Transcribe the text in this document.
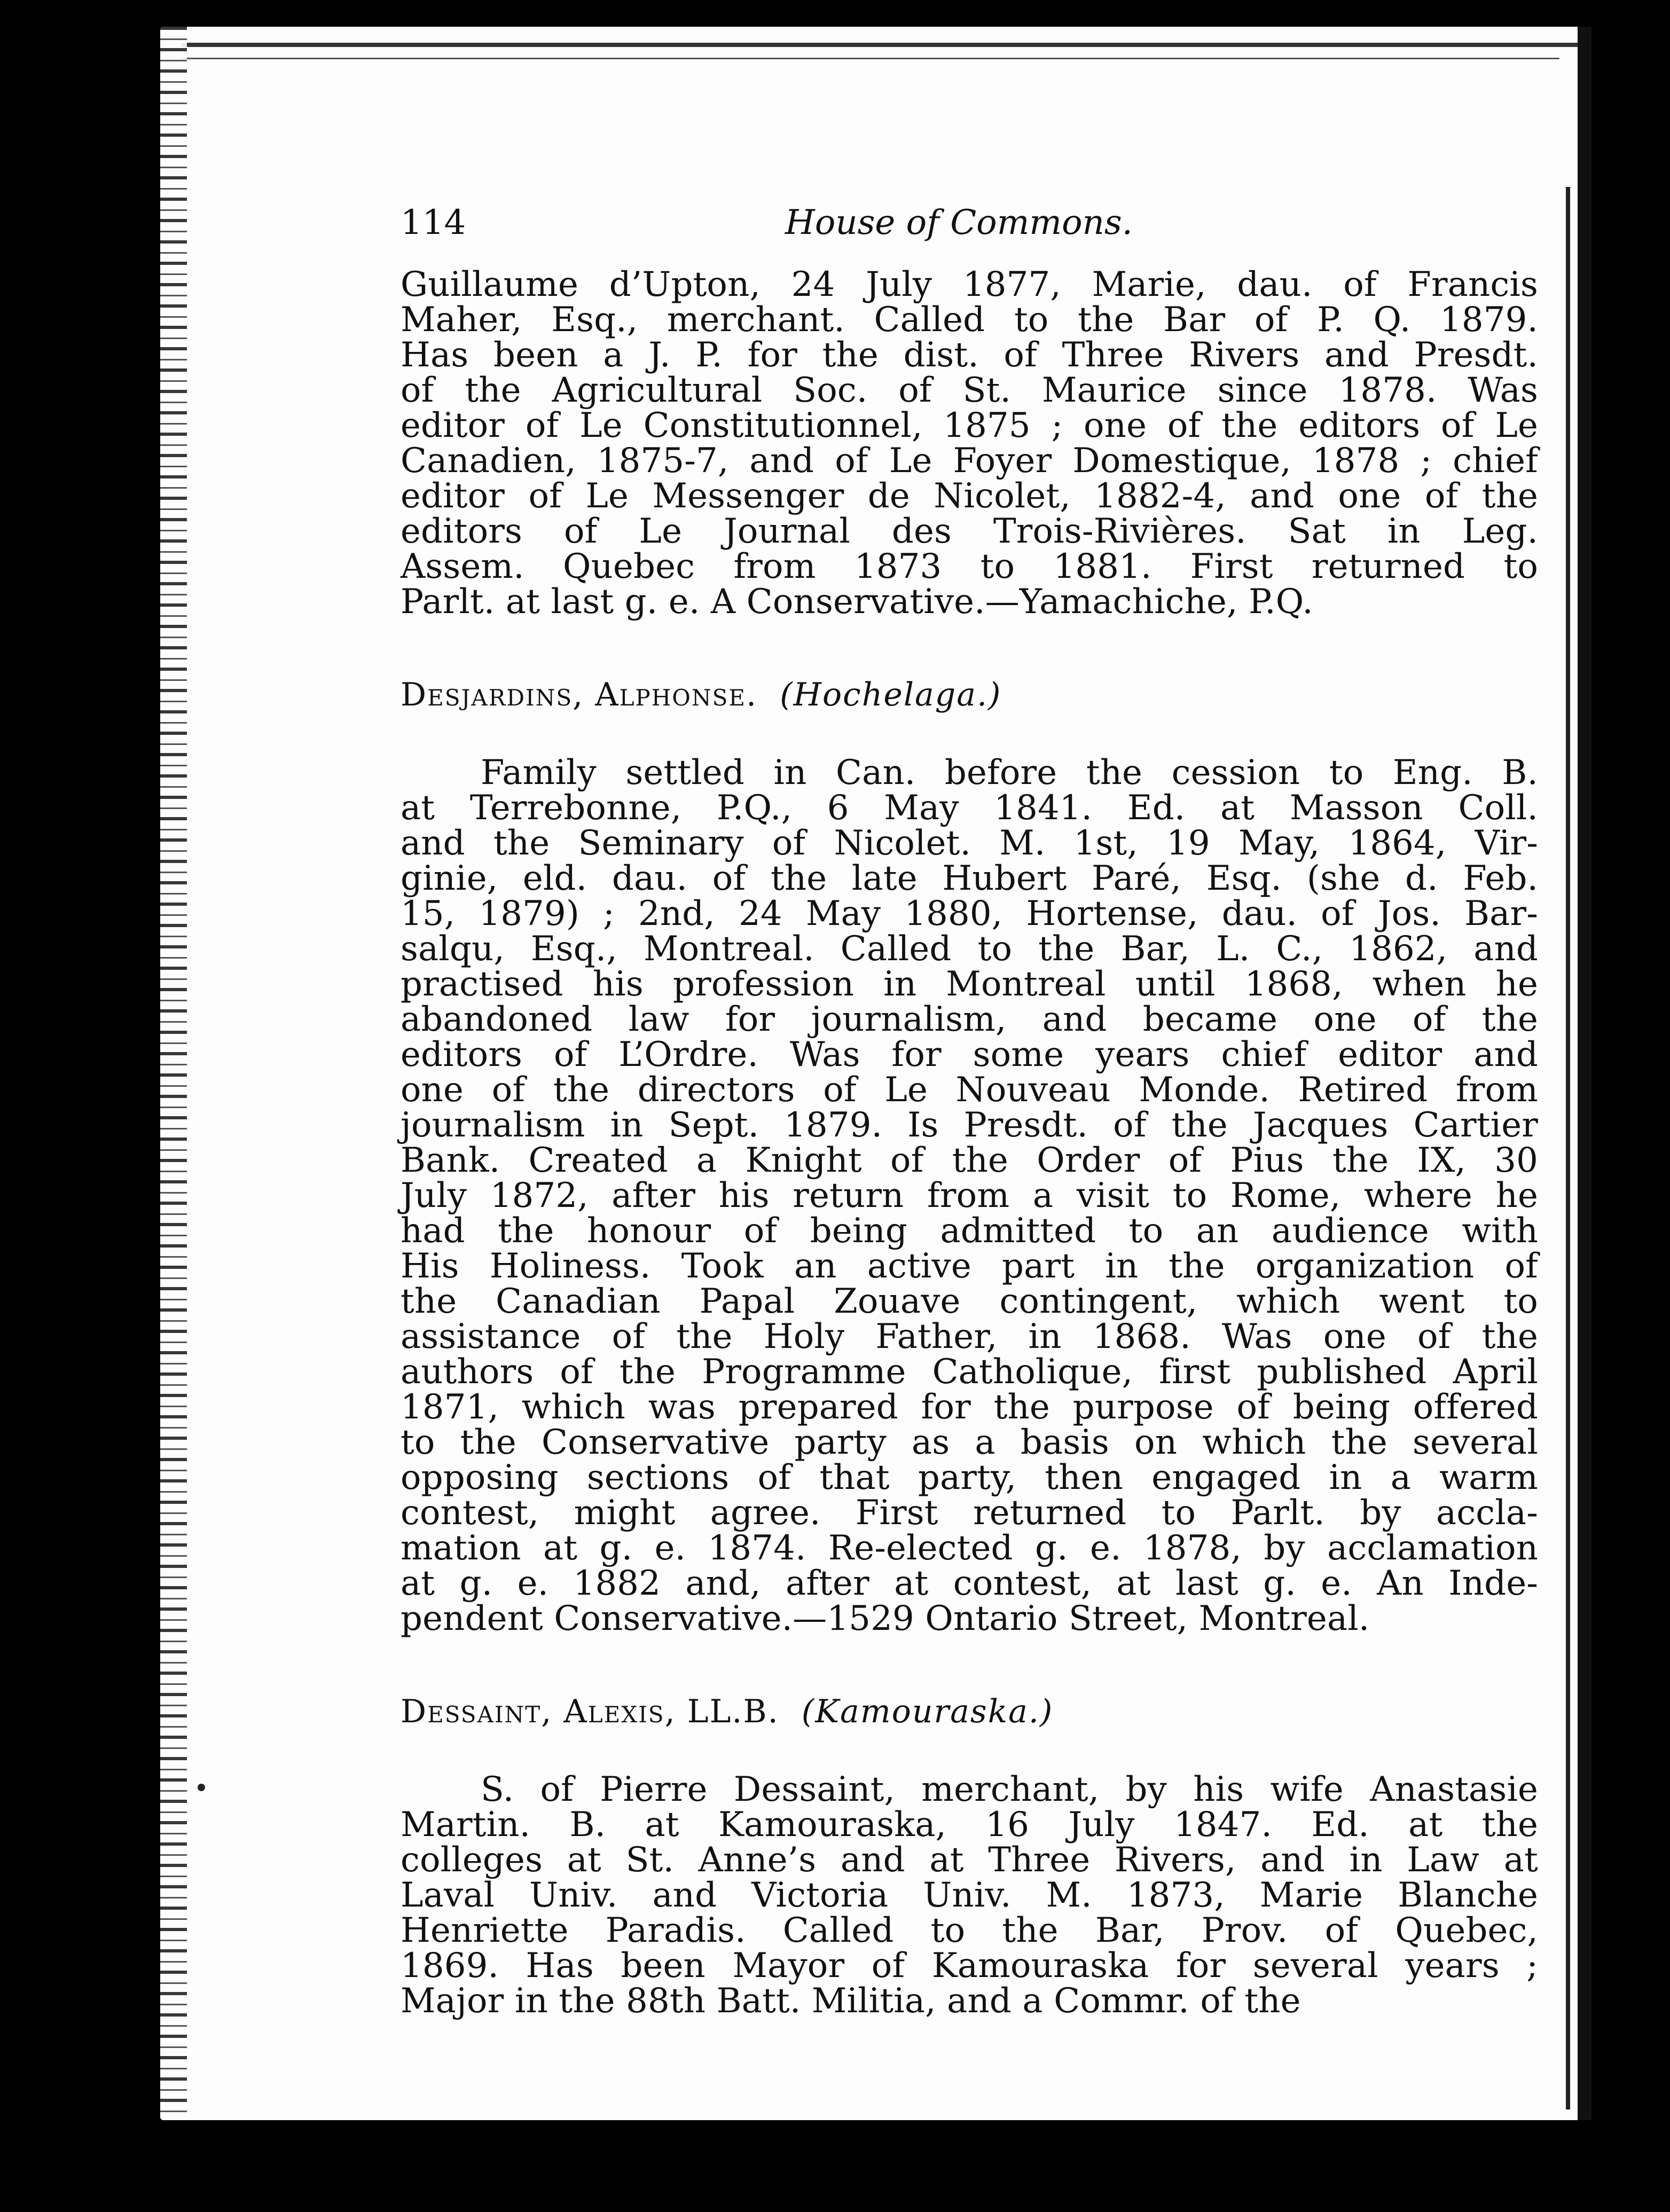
114	House of Commons.

Guillaume d’Upton, 24 July 1877, Marie, dau. of Francis
Maher, Esq., merchant. Called to the Bar of P. Q. 1879.
Has been a J. P. for the dist. of Three Rivers and Presdt.
of the Agricultural Soc. of St. Maurice since 1878. Was
editor of Le Constitutionnel, 1875 ; one of the editors of Le
Canadien, 1875-7, and of Le Foyer Domestique, 1878 ; chief
editor of Le Messenger de Nicolet, 1882-4, and one of the
editors of Le Journal des Trois-Rivières. Sat in Leg.
Assem. Quebec from 1873 to 1881. First returned to
Parlt. at last g. e. A Conservative.—Yamachiche, P.Q.

Desjardins, Alphonse. (Hochelaga.)

Family settled in Can. before the cession to Eng. B.
at Terrebonne, P.Q., 6 May 1841. Ed. at Masson Coll.
and the Seminary of Nicolet. M. 1st, 19 May, 1864, Vir-
ginie, eld. dau. of the late Hubert Paré, Esq. (she d. Feb.
15, 1879) ; 2nd, 24 May 1880, Hortense, dau. of Jos. Bar-
salqu, Esq., Montreal. Called to the Bar, L. C., 1862, and
practised his profession in Montreal until 1868, when he
abandoned law for journalism, and became one of the
editors of L’Ordre. Was for some years chief editor and
one of the directors of Le Nouveau Monde. Retired from
journalism in Sept. 1879. Is Presdt. of the Jacques Cartier
Bank. Created a Knight of the Order of Pius the IX, 30
July 1872, after his return from a visit to Rome, where he
had the honour of being admitted to an audience with
His Holiness. Took an active part in the organization of
the Canadian Papal Zouave contingent, which went to
assistance of the Holy Father, in 1868. Was one of the
authors of the Programme Catholique, first published April
1871, which was prepared for the purpose of being offered
to the Conservative party as a basis on which the several
opposing sections of that party, then engaged in a warm
contest, might agree. First returned to Parlt. by accla-
mation at g. e. 1874. Re-elected g. e. 1878, by acclamation
at g. e. 1882 and, after at contest, at last g. e. An Inde-
pendent Conservative.—1529 Ontario Street, Montreal.

Dessaint, Alexis, LL.B. (Kamouraska.)

S. of Pierre Dessaint, merchant, by his wife Anastasie
Martin. B. at Kamouraska, 16 July 1847. Ed. at the
colleges at St. Anne’s and at Three Rivers, and in Law at
Laval Univ. and Victoria Univ. M. 1873, Marie Blanche
Henriette Paradis. Called to the Bar, Prov. of Quebec,
1869. Has been Mayor of Kamouraska for several years ;
Major in the 88th Batt. Militia, and a Commr. of the
